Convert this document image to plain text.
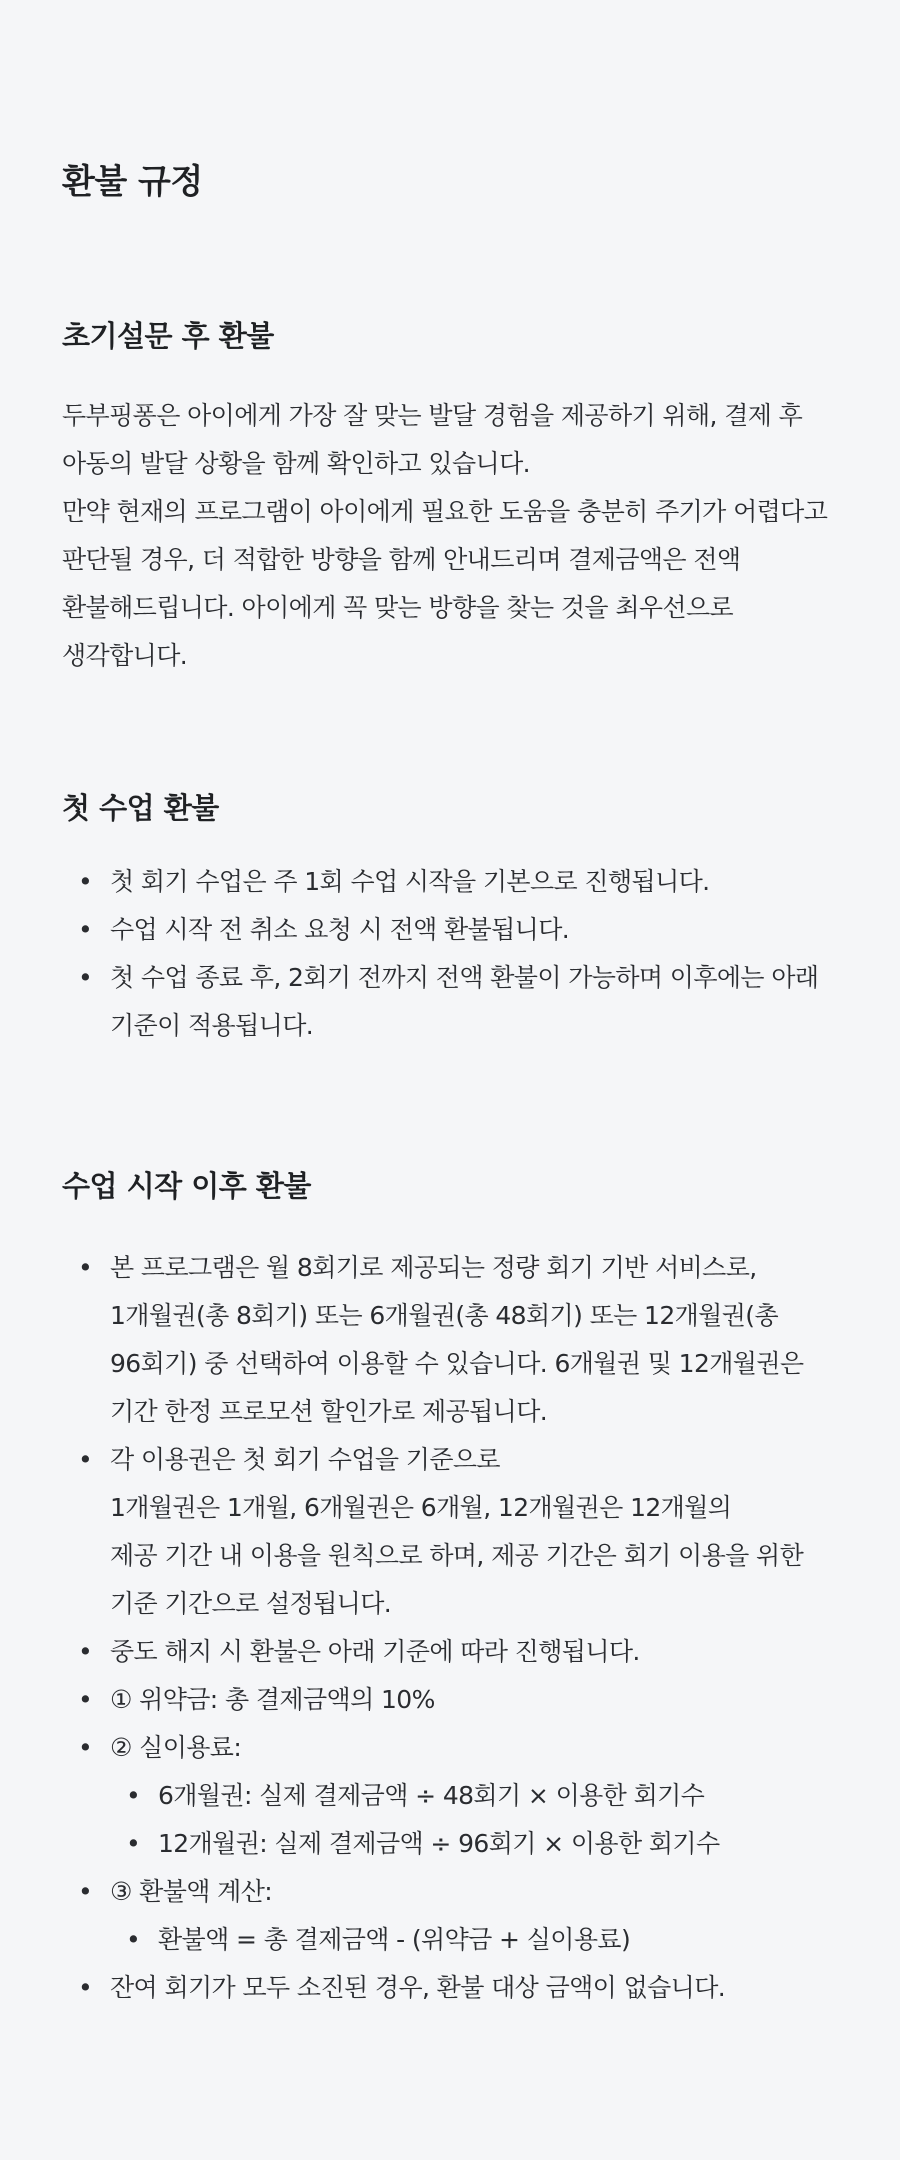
환불 규정
초기설문 후 환불

두부핑퐁은 아이에게 가장 잘 맞는 발달 경험을 제공하기 위해, 결제 후 아동의 발달 상황을 함께 확인하고 있습니다.

만약 현재의 프로그램이 아이에게 필요한 도움을 충분히 주기가 어렵다고 판단될 경우, 더 적합한 방향을 함께 안내드리며 결제금액은 전액 환불해드립니다. 아이에게 꼭 맞는 방향을 찾는 것을 최우선으로 생각합니다.

첫 수업 환불
• 첫 회기 수업은 주 1회 수업 시작을 기본으로 진행됩니다.
• 수업 시작 전 취소 요청 시 전액 환불됩니다.
• 첫 수업 종료 후, 2회기 전까지 전액 환불이 가능하며 이후에는 아래 기준이 적용됩니다.
수업 시작 이후 환불
• 본 프로그램은 월 8회기로 제공되는 정량 회기 기반 서비스로, 1개월권(총 8회기) 또는 6개월권(총 48회기) 또는 12개월권(총 96회기) 중 선택하여 이용할 수 있습니다. 6개월권 및 12개월권은 기간 한정 프로모션 할인가로 제공됩니다.
• 각 이용권은 첫 회기 수업을 기준으로
1개월권은 1개월, 6개월권은 6개월, 12개월권은 12개월의
제공 기간 내 이용을 원칙으로 하며, 제공 기간은 회기 이용을 위한 기준 기간으로 설정됩니다.
• 중도 해지 시 환불은 아래 기준에 따라 진행됩니다.
• ① 위약금: 총 결제금액의 10%
• ② 실이용료:
• 6개월권: 실제 결제금액 ÷ 48회기 × 이용한 회기수
• 12개월권: 실제 결제금액 ÷ 96회기 × 이용한 회기수
• ③ 환불액 계산:
• 환불액 = 총 결제금액 - (위약금 + 실이용료)
• 잔여 회기가 모두 소진된 경우, 환불 대상 금액이 없습니다.
